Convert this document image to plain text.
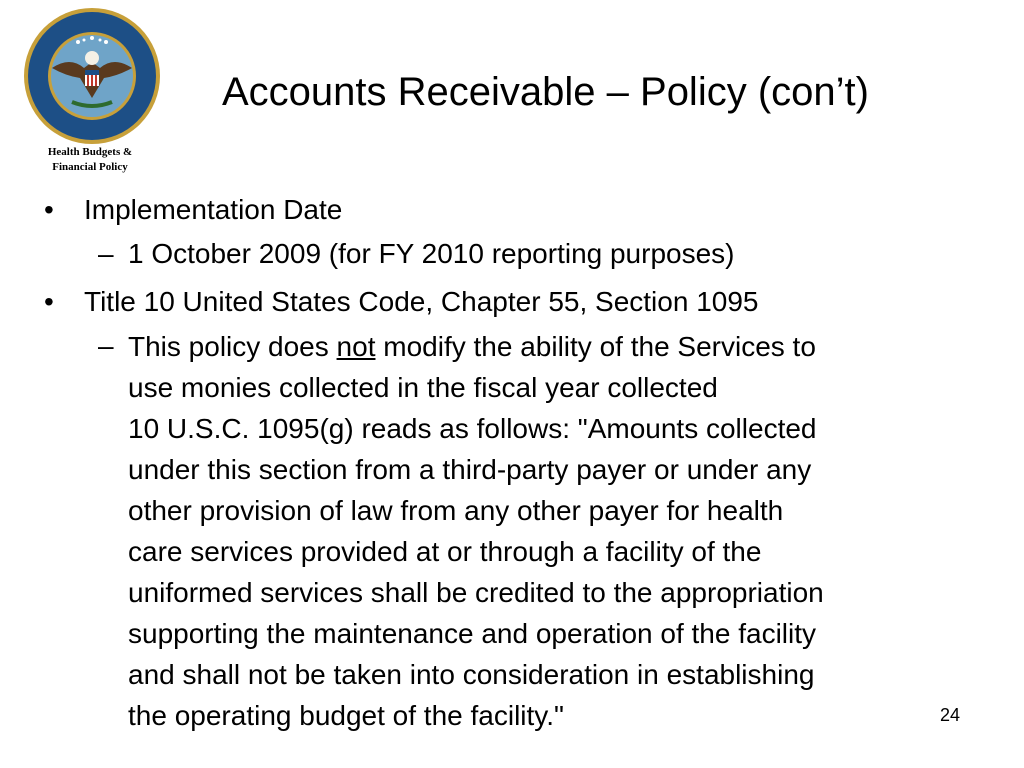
Health Budgets &
Financial Policy
Accounts Receivable – Policy (con’t)
• Implementation Date
– 1 October 2009 (for FY 2010 reporting purposes)
• Title 10 United States Code, Chapter 55, Section 1095
– This policy does not modify the ability of the Services to
use monies collected in the fiscal year collected
10 U.S.C. 1095(g) reads as follows: "Amounts collected
under this section from a third-party payer or under any
other provision of law from any other payer for health
care services provided at or through a facility of the
uniformed services shall be credited to the appropriation
supporting the maintenance and operation of the facility
and shall not be taken into consideration in establishing
the operating budget of the facility."	24
